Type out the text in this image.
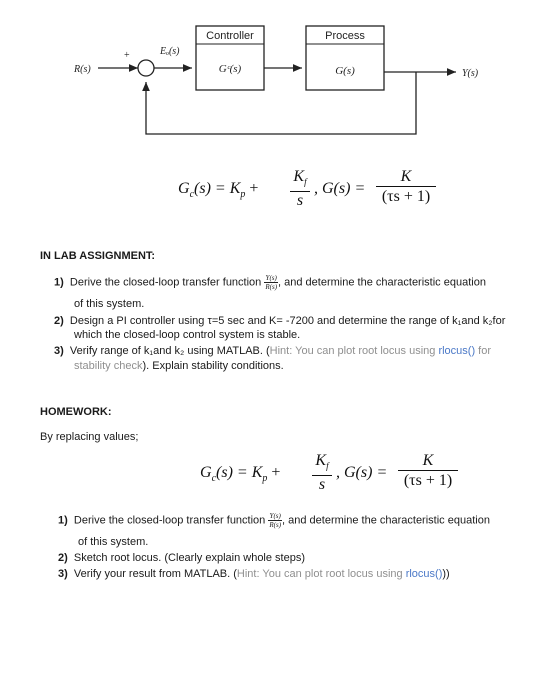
R(s)
+	Eₒ(s)
Controller
Gᶜ(s)
Process
G(s)	Y(s)
$G_c(s) = K_p$ +
$K_f$
s
, $G(s) = \frac{K}{(\tau s + 1)}$
IN LAB ASSIGNMENT:
1) Derive the closed-loop transfer function $\frac{Y(s)}{R(s)}$ , and determine the characteristic equation
of this system.
2) Design a PI controller using τ=5 sec and K= -7200 and determine the range of k₁and k₂for
which the closed-loop control system is stable.
3) Verify range of k₁and k₂ using MATLAB. (Hint: You can plot root locus using rlocus() for
stability check). Explain stability conditions.
HOMEWORK:
By replacing values;
$G_c(s) = K_p$ +
$K_f$
s
, $G(s) = \frac{K}{(\tau s + 1)}$
1) Derive the closed-loop transfer function $\frac{Y(s)}{R(s)}$ , and determine the characteristic equation
of this system.
2) Sketch root locus. (Clearly explain whole steps)
3) Verify your result from MATLAB. (Hint: You can plot root locus using rlocus()))
